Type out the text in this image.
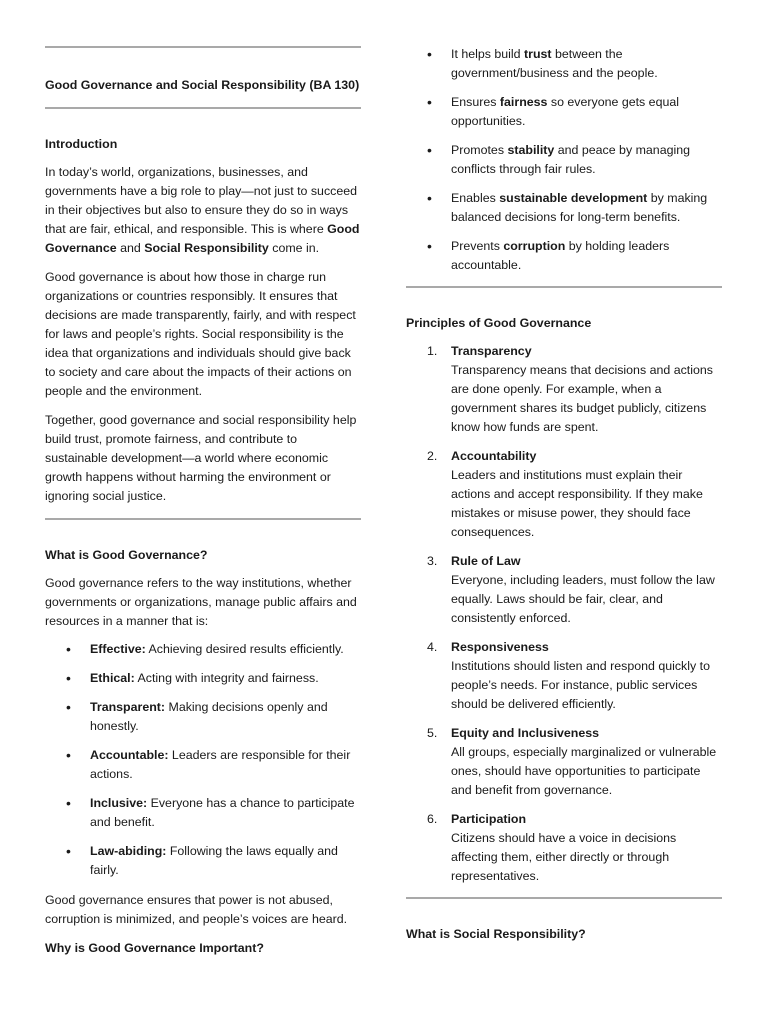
Good Governance and Social Responsibility (BA 130)

Introduction

In today’s world, organizations, businesses, and governments have a big role to play—not just to succeed in their objectives but also to ensure they do so in ways that are fair, ethical, and responsible. This is where Good Governance and Social Responsibility come in.

Good governance is about how those in charge run organizations or countries responsibly. It ensures that decisions are made transparently, fairly, and with respect for laws and people’s rights. Social responsibility is the idea that organizations and individuals should give back to society and care about the impacts of their actions on people and the environment.

Together, good governance and social responsibility help build trust, promote fairness, and contribute to sustainable development—a world where economic growth happens without harming the environment or ignoring social justice.

What is Good Governance?

Good governance refers to the way institutions, whether governments or organizations, manage public affairs and resources in a manner that is:

• Effective: Achieving desired results efficiently.
• Ethical: Acting with integrity and fairness.
• Transparent: Making decisions openly and honestly.
• Accountable: Leaders are responsible for their actions.
• Inclusive: Everyone has a chance to participate and benefit.
• Law-abiding: Following the laws equally and fairly.

Good governance ensures that power is not abused, corruption is minimized, and people’s voices are heard.

Why is Good Governance Important?

• It helps build trust between the government/business and the people.
• Ensures fairness so everyone gets equal opportunities.
• Promotes stability and peace by managing conflicts through fair rules.
• Enables sustainable development by making balanced decisions for long-term benefits.
• Prevents corruption by holding leaders accountable.

Principles of Good Governance

1. Transparency
Transparency means that decisions and actions are done openly. For example, when a government shares its budget publicly, citizens know how funds are spent.
2. Accountability
Leaders and institutions must explain their actions and accept responsibility. If they make mistakes or misuse power, they should face consequences.
3. Rule of Law
Everyone, including leaders, must follow the law equally. Laws should be fair, clear, and consistently enforced.
4. Responsiveness
Institutions should listen and respond quickly to people’s needs. For instance, public services should be delivered efficiently.
5. Equity and Inclusiveness
All groups, especially marginalized or vulnerable ones, should have opportunities to participate and benefit from governance.
6. Participation
Citizens should have a voice in decisions affecting them, either directly or through representatives.

What is Social Responsibility?
